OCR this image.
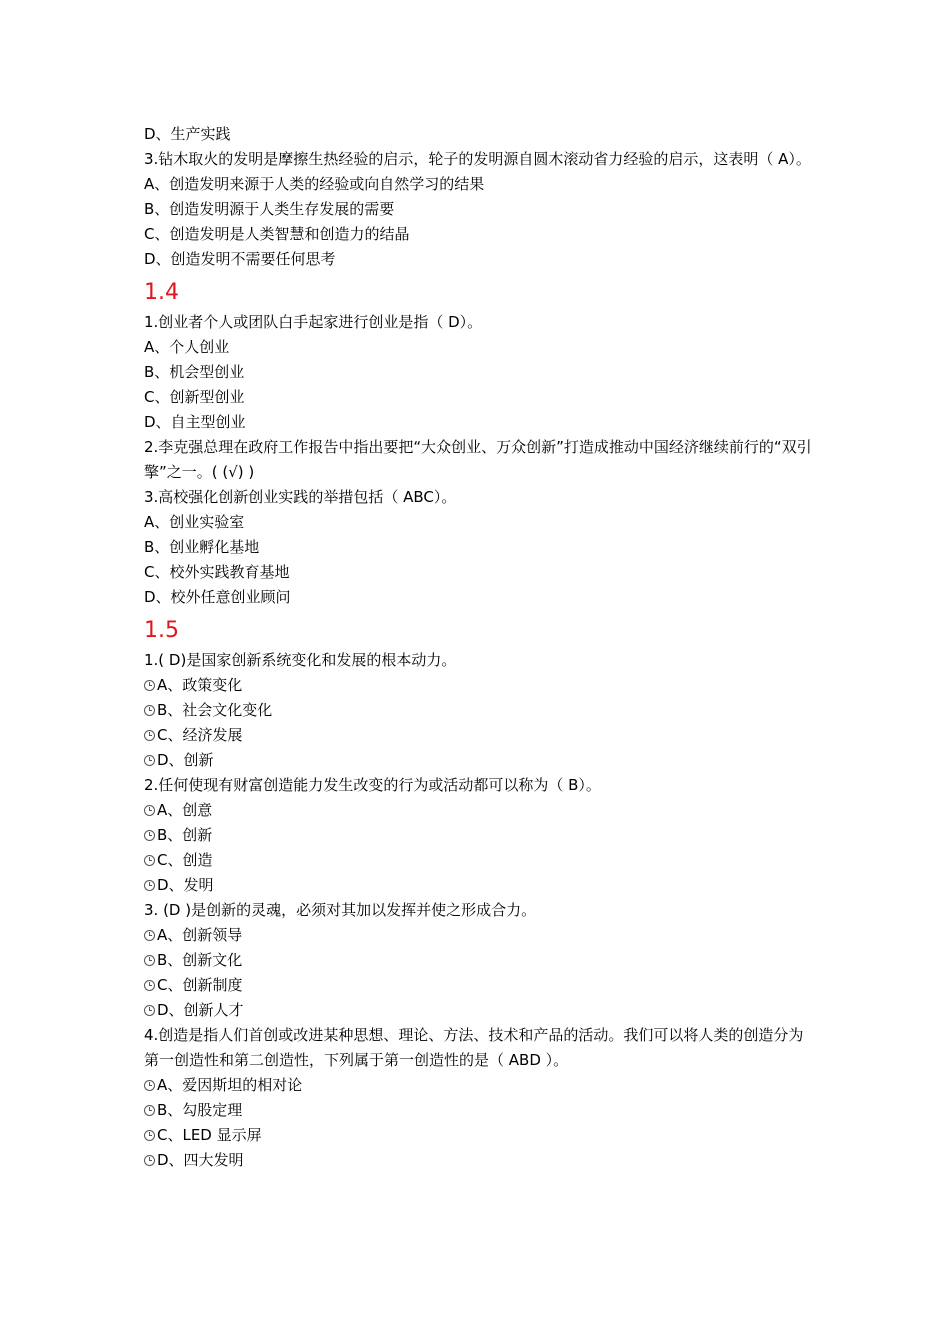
D、生产实践
3.钻木取火的发明是摩擦生热经验的启示，轮子的发明源自圆木滚动省力经验的启示，这表明（ A）。
A、创造发明来源于人类的经验或向自然学习的结果
B、创造发明源于人类生存发展的需要
C、创造发明是人类智慧和创造力的结晶
D、创造发明不需要任何思考
1.4
1.创业者个人或团队白手起家进行创业是指（ D）。
A、个人创业
B、机会型创业
C、创新型创业
D、自主型创业
2.李克强总理在政府工作报告中指出要把“大众创业、万众创新”打造成推动中国经济继续前行的“双引擎”之一。( (√) )
3.高校强化创新创业实践的举措包括（ ABC）。
A、创业实验室
B、创业孵化基地
C、校外实践教育基地
D、校外任意创业顾问
1.5
1.( D)是国家创新系统变化和发展的根本动力。
A、政策变化
B、社会文化变化
C、经济发展
D、创新
2.任何使现有财富创造能力发生改变的行为或活动都可以称为（ B）。
A、创意
B、创新
C、创造
D、发明
3. (D )是创新的灵魂，必须对其加以发挥并使之形成合力。
A、创新领导
B、创新文化
C、创新制度
D、创新人才
4.创造是指人们首创或改进某种思想、理论、方法、技术和产品的活动。我们可以将人类的创造分为第一创造性和第二创造性，下列属于第一创造性的是（ ABD ）。
A、爱因斯坦的相对论
B、勾股定理
C、LED 显示屏
D、四大发明
